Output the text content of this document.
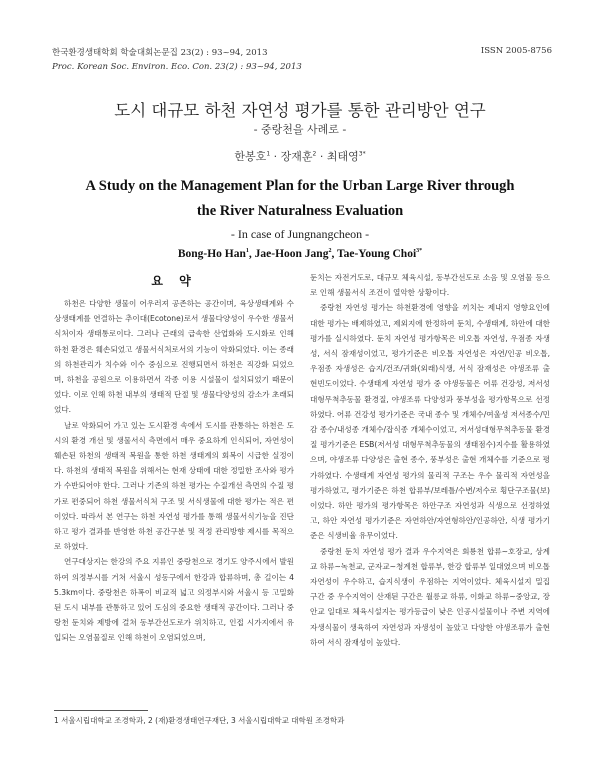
한국환경생태학회 학술대회논문집 23(2) : 93~94, 2013
Proc. Korean Soc. Environ. Eco. Con. 23(2) : 93~94, 2013
ISSN 2005-8756
도시 대규모 하천 자연성 평가를 통한 관리방안 연구
- 중랑천을 사례로 -
한봉호$^1$ · 장재훈$^2$ · 최태영$^{3*}$
A Study on the Management Plan for the Urban Large River through
the River Naturalness Evaluation
- In case of Jungnangcheon -
Bong-Ho Han$^1$, Jae-Hoon Jang$^2$, Tae-Young Choi$^{3*}$
요 약

하천은 다양한 생물이 어우러져 공존하는 공간이며, 육상생태계와 수상생태계를 연결하는 추이대(Ecotone)로서 생물다양성이 우수한 생물서식처이자 생태통로이다. 그러나 근래의 급속한 산업화와 도시화로 인해 하천 환경은 훼손되었고 생물서식처로서의 기능이 악화되었다. 이는 종래의 하천관리가 치수와 이수 중심으로 진행되면서 하천은 직강화 되었으며, 하천을 공원으로 이용하면서 각종 이용 시설물이 설치되었기 때문이었다. 이로 인해 하천 내부의 생태적 단절 및 생물다양성의 감소가 초래되었다.

날로 악화되어 가고 있는 도시환경 속에서 도시를 관통하는 하천은 도시의 환경 개선 및 생물서식 측면에서 매우 중요하게 인식되어, 자연성이 훼손된 하천의 생태적 복원을 통한 하천 생태계의 회복이 시급한 실정이다. 하천의 생태적 복원을 위해서는 현재 상태에 대한 정밀한 조사와 평가가 수반되어야 한다. 그러나 기존의 하천 평가는 수질개선 측면의 수질 평가로 편중되어 하천 생물서식처 구조 및 서식생물에 대한 평가는 적은 편이었다. 따라서 본 연구는 하천 자연성 평가를 통해 생물서식기능을 진단하고 평가 결과를 반영한 하천 공간구분 및 적정 관리방향 제시를 목적으로 하였다.

연구대상지는 한강의 주요 지류인 중랑천으로 경기도 양주시에서 발원하여 의정부시를 거쳐 서울시 성동구에서 한강과 합류하며, 총 길이는 45.3km이다. 중랑천은 하폭이 비교적 넓고 의정부시와 서울시 등 고밀화된 도시 내부를 관통하고 있어 도심의 중요한 생태적 공간이다. 그러나 중랑천 둔치와 제방에 걸쳐 동부간선도로가 위치하고, 인접 시가지에서 유입되는 오염물질로 인해 하천이 오염되었으며,

둔치는 자전거도로, 대규모 체육시설, 동부간선도로 소음 및 오염물 등으로 인해 생물서식 조건이 열악한 상황이다.

중랑천 자연성 평가는 하천환경에 영향을 끼치는 제내지 영향요인에 대한 평가는 배제하였고, 제외지에 한정하여 둔치, 수생태계, 하안에 대한 평가를 실시하였다. 둔치 자연성 평가항목은 비오톱 자연성, 우점종 자생성, 서식 잠재성이었고, 평가기준은 비오톱 자연성은 자연/인공 비오톱, 우점종 자생성은 습지/건조/귀화(외래)식생, 서식 잠재성은 야생조류 출현빈도이었다. 수생태계 자연성 평가 중 야생동물은 어류 건강성, 저서성대형무척추동물 환경질, 야생조류 다양성과 풍부성을 평가항목으로 선정하였다. 어류 건강성 평가기준은 국내 종수 및 개체수/여울성 저서종수/민감 종수/내성종 개체수/잡식종 개체수이었고, 저서성대형무척추동물 환경질 평가기준은 ESB(저서성 대형무척추동물의 생태점수)지수를 활용하였으며, 야생조류 다양성은 출현 종수, 풍부성은 출현 개체수를 기준으로 평가하였다. 수생태계 자연성 평가의 물리적 구조는 우수 물리적 자연성을 평가하였고, 평가기준은 하천 합류부/보레틀/수변/저수로 횡단구조물(보)이었다. 하안 평가의 평가항목은 하안구조 자연성과 식생으로 선정하였고, 하안 자연성 평가기준은 자연하안/자연형하안/인공하안, 식생 평가기준은 식생비율 유무이었다.

중랑천 둔치 자연성 평가 결과 우수지역은 회룡천 합류~호장교, 상계교 하류~녹천교, 군자교~청계천 합류부, 한강 합류부 일대였으며 비오톱 자연성이 우수하고, 습지식생이 우점하는 지역이었다. 체육시설지 밀집 구간 중 우수지역이 산재된 구간은 월릉교 하류, 이화교 하류~중앙교, 장안교 일대로 체육시설지는 평가등급이 낮은 인공시설물이나 주변 지역에 자생식물이 생육하여 자연성과 자생성이 높았고 다양한 야생조류가 출현하여 서식 잠재성이 높았다.

1 서울시립대학교 조경학과, 2 (재)환경생태연구재단, 3 서울시립대학교 대학원 조경학과
